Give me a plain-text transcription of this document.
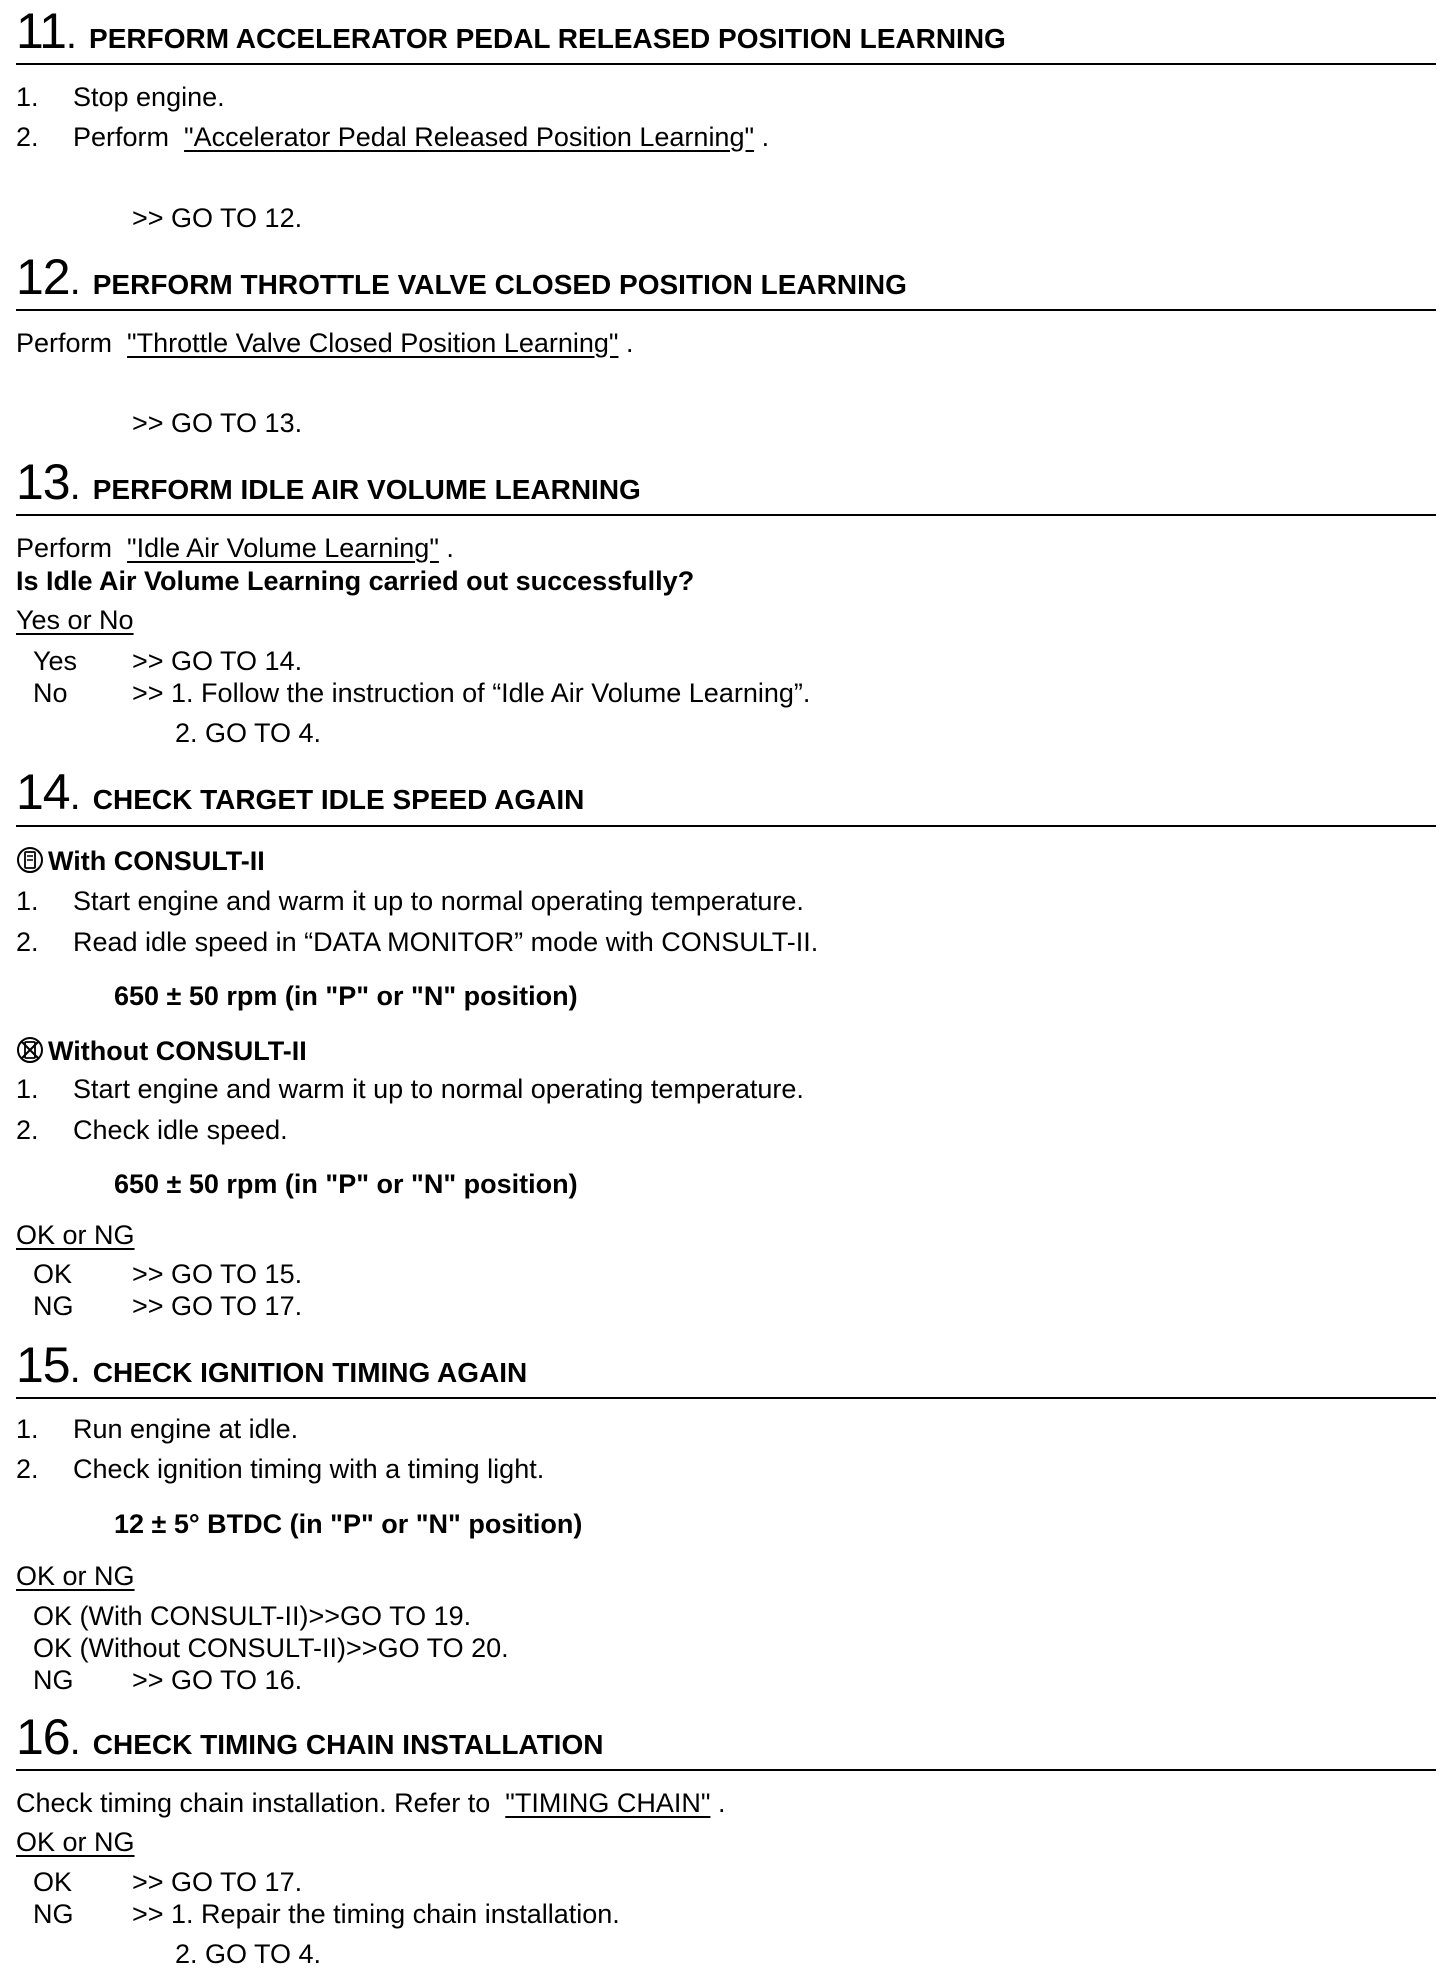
11 . PERFORM ACCELERATOR PEDAL RELEASED POSITION LEARNING
1. Stop engine.
2. Perform "Accelerator Pedal Released Position Learning" .
>> GO TO 12.
12 . PERFORM THROTTLE VALVE CLOSED POSITION LEARNING
Perform "Throttle Valve Closed Position Learning" .
>> GO TO 13.
13 . PERFORM IDLE AIR VOLUME LEARNING
Perform "Idle Air Volume Learning" .
Is Idle Air Volume Learning carried out successfully?
Yes or No
Yes >> GO TO 14.
No >> 1. Follow the instruction of “Idle Air Volume Learning”.
2. GO TO 4.
14 . CHECK TARGET IDLE SPEED AGAIN
With CONSULT-II
1. Start engine and warm it up to normal operating temperature.
2. Read idle speed in “DATA MONITOR” mode with CONSULT-II.
650 ± 50 rpm (in "P" or "N" position)
Without CONSULT-II
1. Start engine and warm it up to normal operating temperature.
2. Check idle speed.
650 ± 50 rpm (in "P" or "N" position)
OK or NG
OK >> GO TO 15.
NG >> GO TO 17.
15 . CHECK IGNITION TIMING AGAIN
1. Run engine at idle.
2. Check ignition timing with a timing light.
12 ± 5° BTDC (in "P" or "N" position)
OK or NG
OK (With CONSULT-II)>>GO TO 19.
OK (Without CONSULT-II)>>GO TO 20.
NG >> GO TO 16.
16 . CHECK TIMING CHAIN INSTALLATION
Check timing chain installation. Refer to "TIMING CHAIN" .
OK or NG
OK >> GO TO 17.
NG >> 1. Repair the timing chain installation.
2. GO TO 4.
